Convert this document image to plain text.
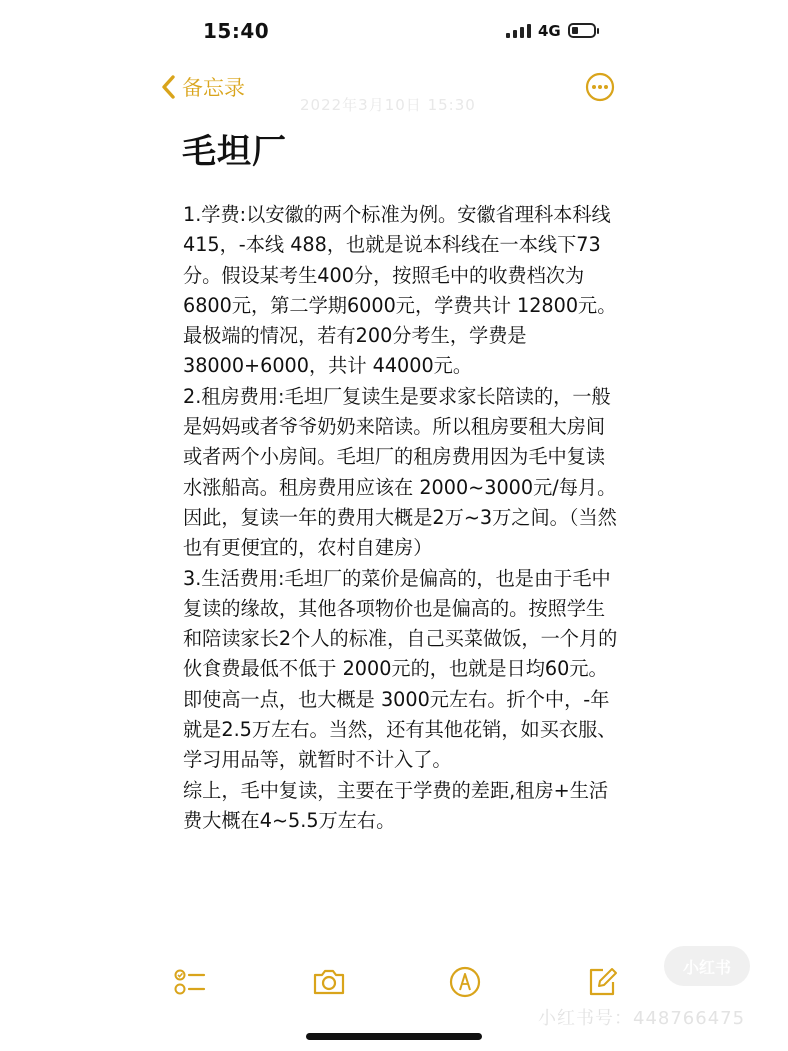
15:40	4G
备忘录
2022年3月10日 15:30
毛坦厂

1.学费:以安徽的两个标准为例。安徽省理科本科线 415，-本线 488，也就是说本科线在一本线下73分。假设某考生400分，按照毛中的收费档次为 6800元，第二学期6000元，学费共计 12800元。最极端的情况，若有200分考生，学费是 38000+6000，共计 44000元。

2.租房费用:毛坦厂复读生是要求家长陪读的，一般是妈妈或者爷爷奶奶来陪读。所以租房要租大房间或者两个小房间。毛坦厂的租房费用因为毛中复读水涨船高。租房费用应该在 2000~3000元/每月。因此，复读一年的费用大概是2万~3万之间。（当然也有更便宜的，农村自建房）

3.生活费用:毛坦厂的菜价是偏高的，也是由于毛中复读的缘故，其他各项物价也是偏高的。按照学生和陪读家长2个人的标准，自己买菜做饭，一个月的伙食费最低不低于 2000元的，也就是日均60元。即使高一点，也大概是 3000元左右。折个中，-年就是2.5万左右。当然，还有其他花销，如买衣服、学习用品等，就暂时不计入了。

综上，毛中复读，主要在于学费的差距,租房+生活费大概在4~5.5万左右。

小红书
小红书号：448766475
